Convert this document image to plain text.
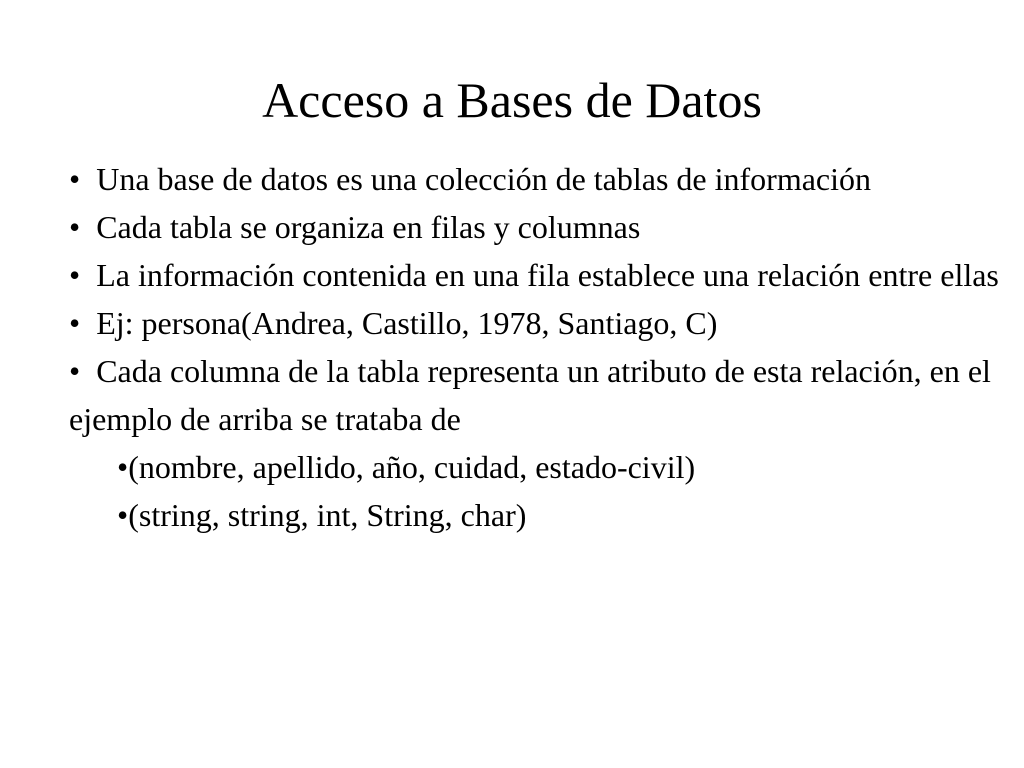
Acceso a Bases de Datos
•  Una base de datos es una colección de tablas de información
•  Cada tabla se organiza en filas y columnas
•  La información contenida en una fila establece una relación entre ellas
•  Ej: persona(Andrea, Castillo, 1978, Santiago, C)
•  Cada columna de la tabla representa un atributo de esta relación, en el ejemplo de arriba se trataba de
•(nombre, apellido, año, cuidad, estado-civil)
•(string, string, int, String, char)
